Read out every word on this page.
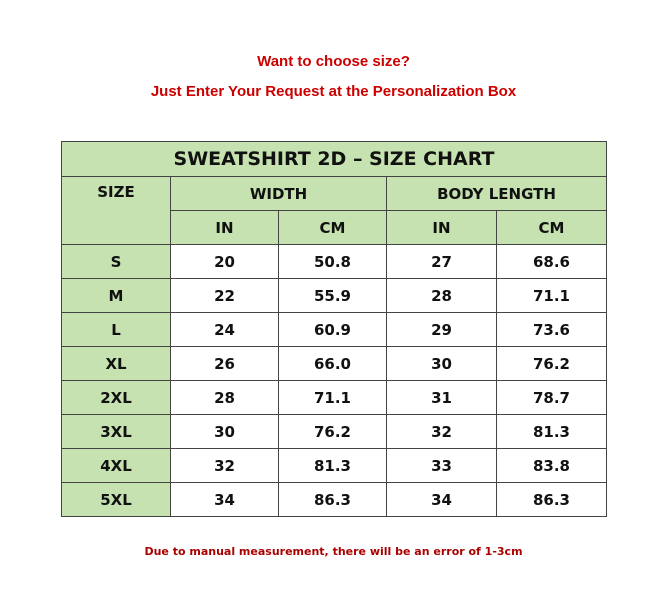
Want to choose size?
Just Enter Your Request at the Personalization Box
SWEATSHIRT 2D – SIZE CHART				
SIZE	WIDTH		BODY LENGTH	
	IN	CM	IN	CM
S	20	50.8	27	68.6
M	22	55.9	28	71.1
L	24	60.9	29	73.6
XL	26	66.0	30	76.2
2XL	28	71.1	31	78.7
3XL	30	76.2	32	81.3
4XL	32	81.3	33	83.8
5XL	34	86.3	34	86.3
Due to manual measurement, there will be an error of 1-3cm
